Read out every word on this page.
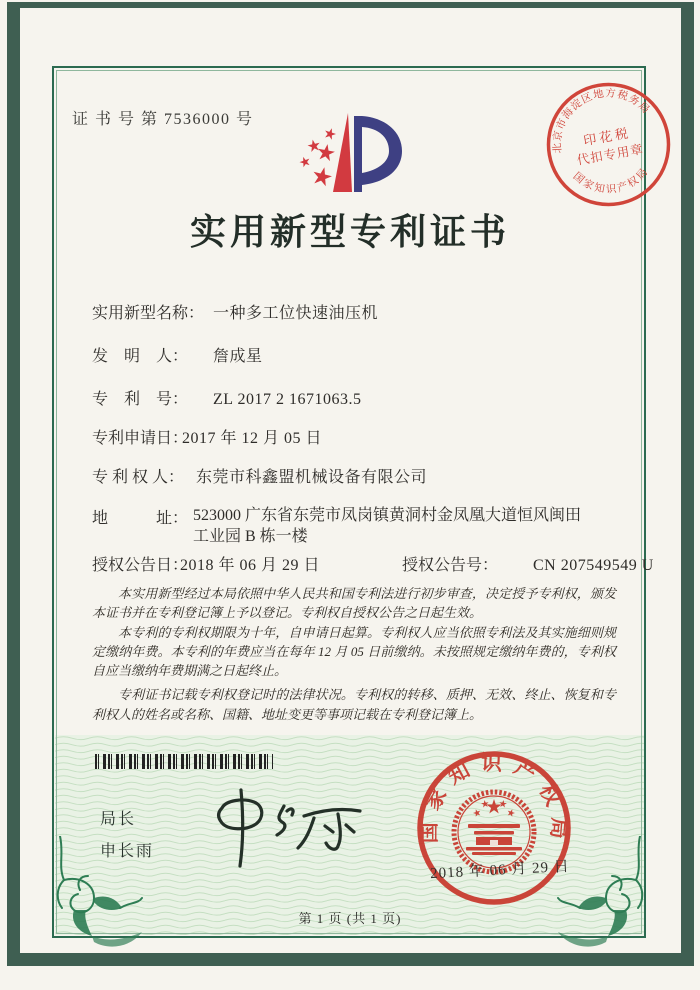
证 书 号 第 7536000 号
北京市海淀区地方税务局
国家知识产权局
印花税
代扣专用章
实用新型专利证书
实用新型名称： 一种多工位快速油压机
发　明　人： 詹成星
专　利　号： ZL 2017 2 1671063.5
专利申请日：2017 年 12 月 05 日
专 利 权 人： 东莞市科鑫盟机械设备有限公司
地　　　址： 523000 广东省东莞市凤岗镇黄洞村金凤凰大道恒风闽田
工业园 B 栋一楼
授权公告日：2018 年 06 月 29 日	授权公告号： CN 207549549 U

本实用新型经过本局依照中华人民共和国专利法进行初步审查，决定授予专利权，颁发本证书并在专利登记簿上予以登记。专利权自授权公告之日起生效。

本专利的专利权期限为十年，自申请日起算。专利权人应当依照专利法及其实施细则规定缴纳年费。本专利的年费应当在每年 12 月 05 日前缴纳。未按照规定缴纳年费的，专利权自应当缴纳年费期满之日起终止。

专利证书记载专利权登记时的法律状况。专利权的转移、质押、无效、终止、恢复和专利权人的姓名或名称、国籍、地址变更等事项记载在专利登记簿上。

局长
申长雨
国家知识产权局
2018 年 06 月 29 日
第 1 页 (共 1 页)
